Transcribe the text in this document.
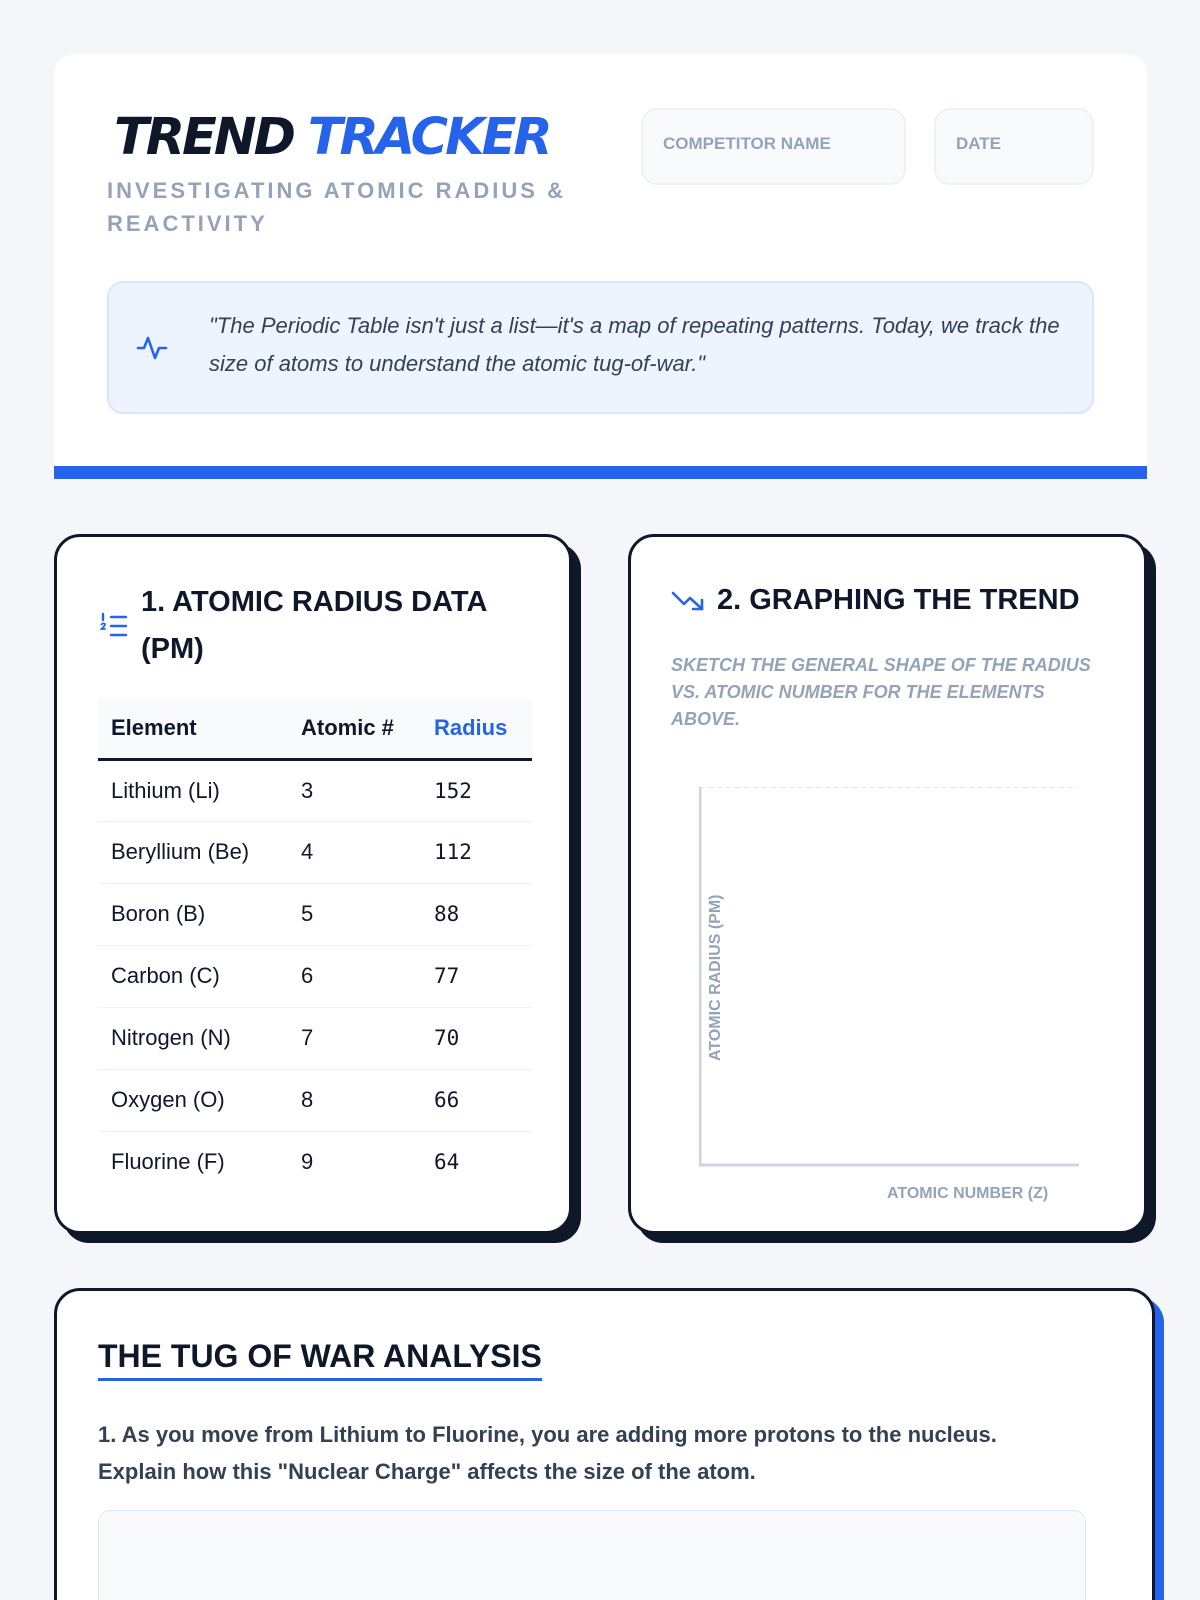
TREND TRACKER
INVESTIGATING ATOMIC RADIUS & REACTIVITY
COMPETITOR NAME	DATE
"The Periodic Table isn't just a list—it's a map of repeating patterns. Today, we track the size of atoms to understand the atomic tug-of-war."
1. ATOMIC RADIUS DATA (PM)
Element	Atomic #	Radius
Lithium (Li)	3	152
Beryllium (Be)	4	112
Boron (B)	5	88
Carbon (C)	6	77
Nitrogen (N)	7	70
Oxygen (O)	8	66
Fluorine (F)	9	64
2. GRAPHING THE TREND
SKETCH THE GENERAL SHAPE OF THE RADIUS VS. ATOMIC NUMBER FOR THE ELEMENTS ABOVE.
ATOMIC RADIUS (PM)
ATOMIC NUMBER (Z)
THE TUG OF WAR ANALYSIS
1. As you move from Lithium to Fluorine, you are adding more protons to the nucleus. Explain how this "Nuclear Charge" affects the size of the atom.
